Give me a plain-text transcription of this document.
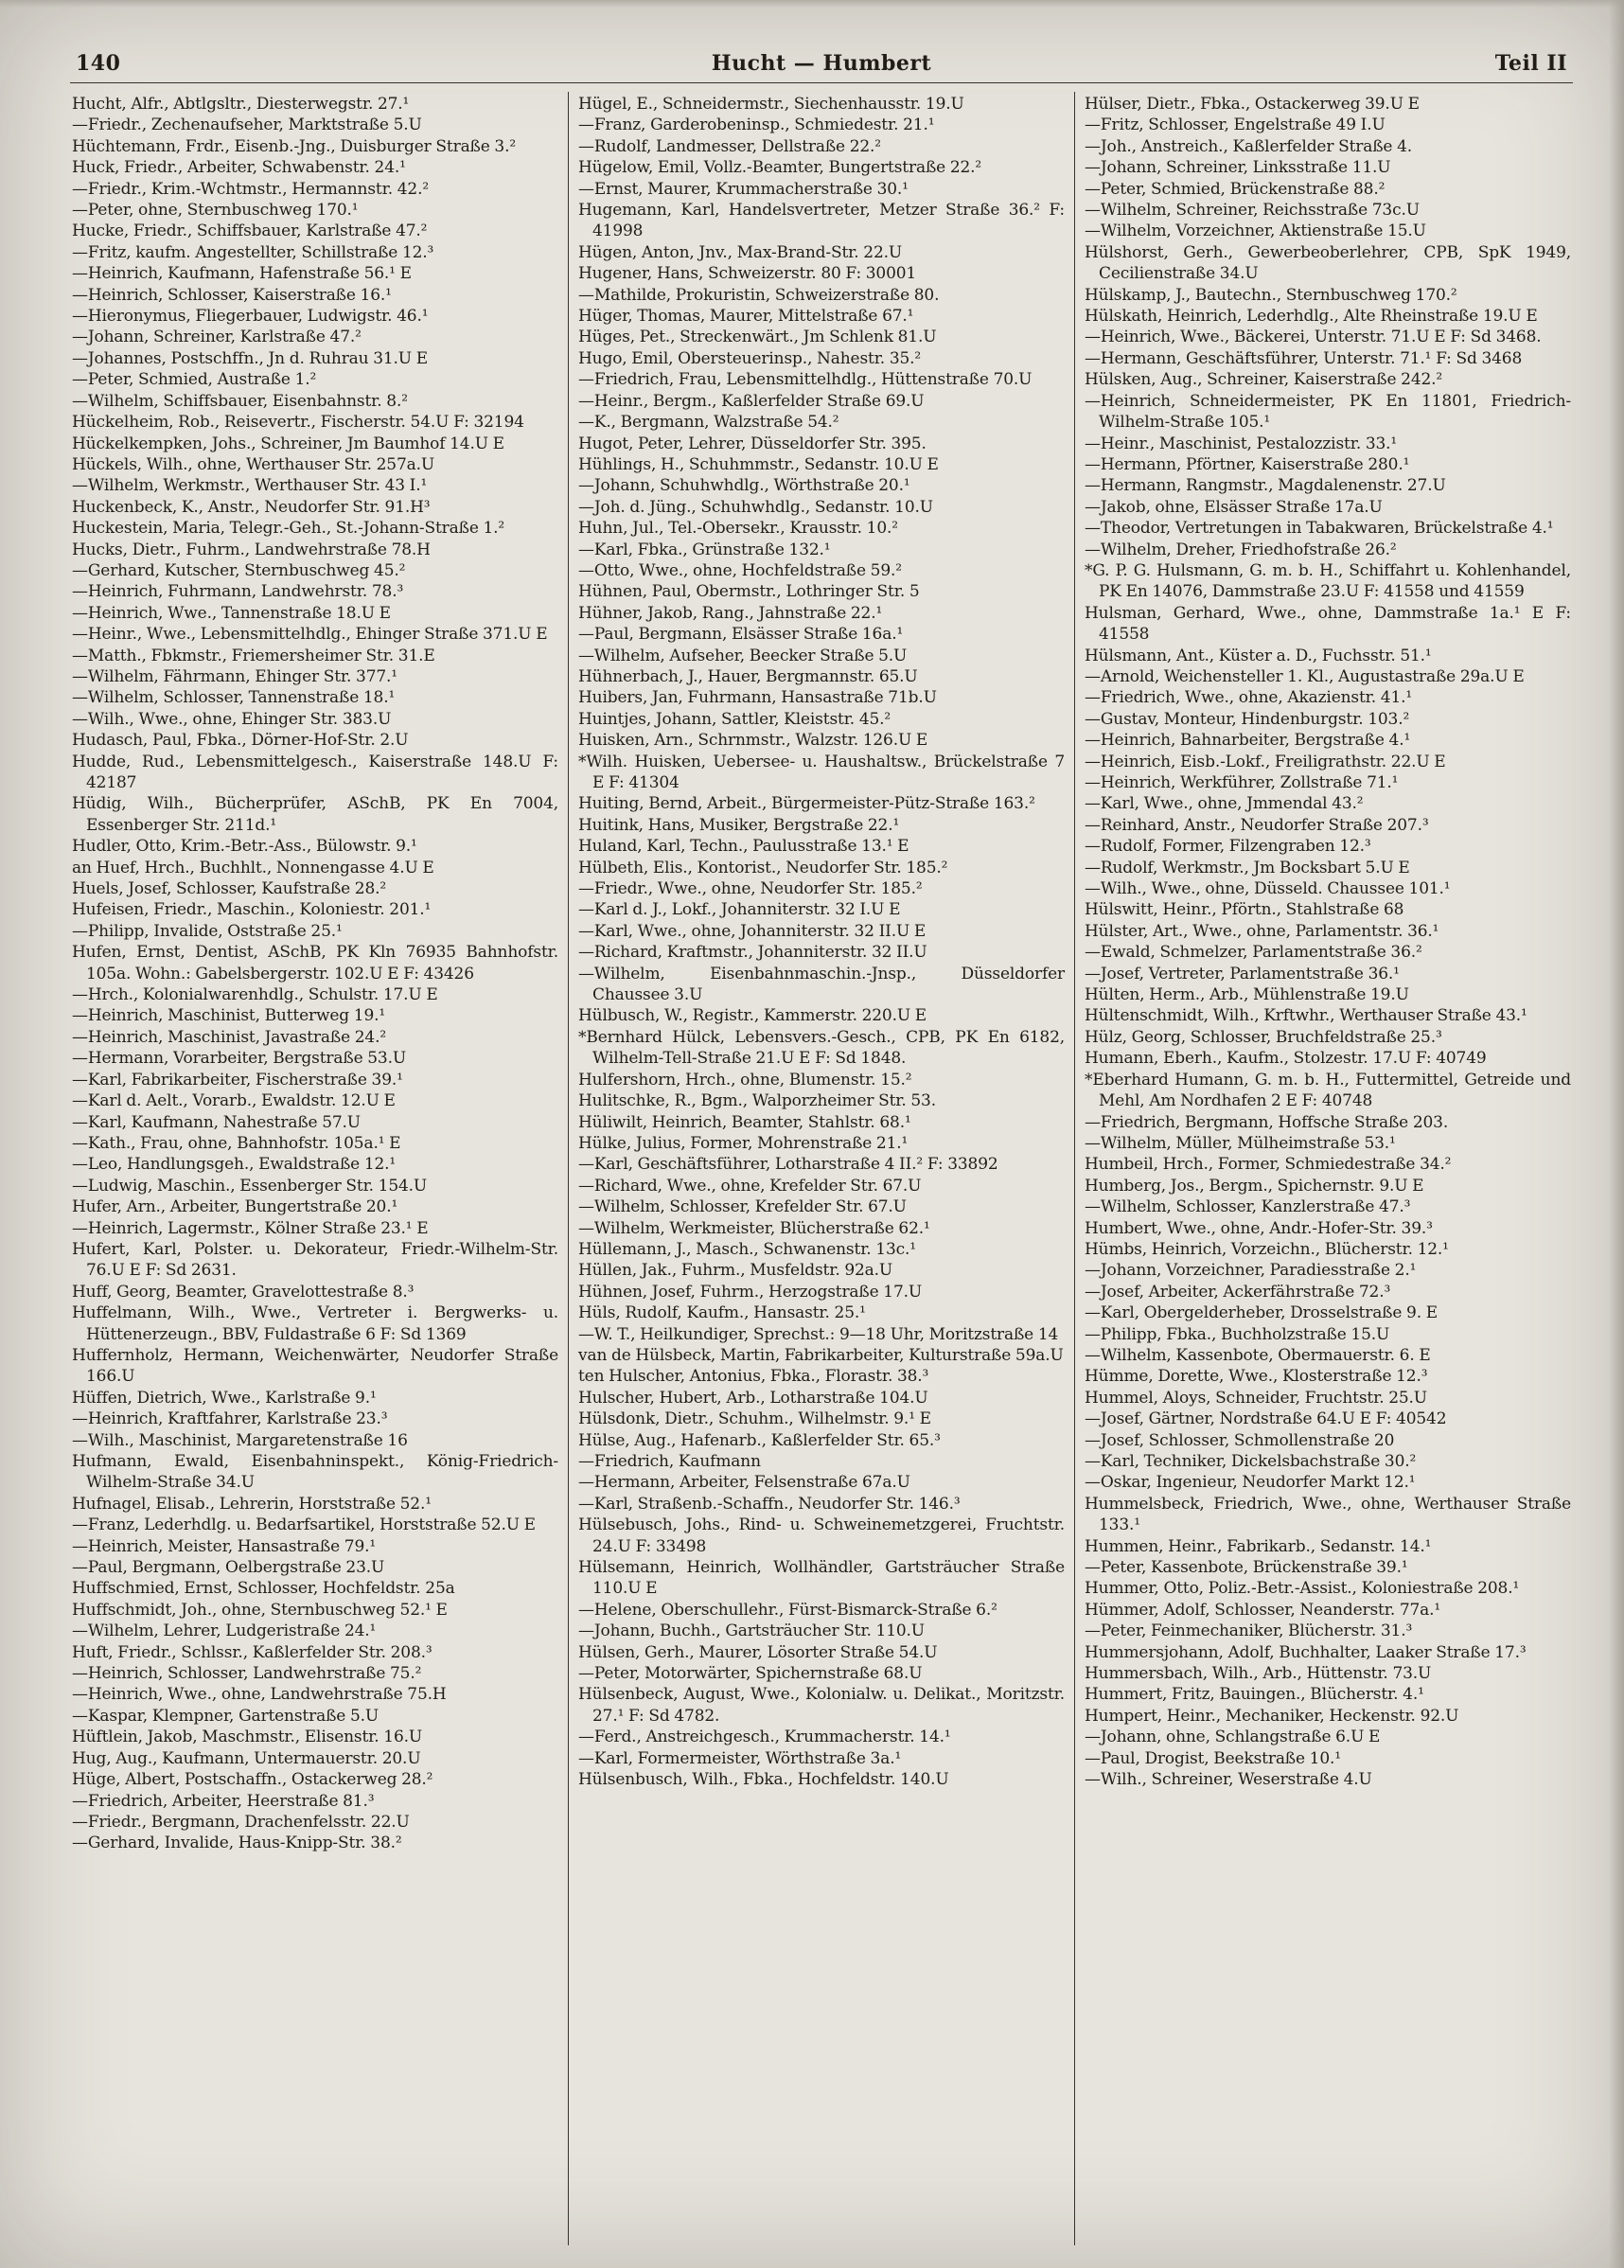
140	Hucht — Humbert	Teil II

Hucht, Alfr., Abtlgsltr., Diesterwegstr. 27.¹

—Friedr., Zechenaufseher, Marktstraße 5.U

Hüchtemann, Frdr., Eisenb.-Jng., Duisburger Straße 3.²

Huck, Friedr., Arbeiter, Schwabenstr. 24.¹

—Friedr., Krim.-Wchtmstr., Hermannstr. 42.²

—Peter, ohne, Sternbuschweg 170.¹

Hucke, Friedr., Schiffsbauer, Karlstraße 47.²

—Fritz, kaufm. Angestellter, Schillstraße 12.³

—Heinrich, Kaufmann, Hafenstraße 56.¹ E

—Heinrich, Schlosser, Kaiserstraße 16.¹

—Hieronymus, Fliegerbauer, Ludwigstr. 46.¹

—Johann, Schreiner, Karlstraße 47.²

—Johannes, Postschffn., Jn d. Ruhrau 31.U E

—Peter, Schmied, Austraße 1.²

—Wilhelm, Schiffsbauer, Eisenbahnstr. 8.²

Hückelheim, Rob., Reisevertr., Fischerstr. 54.U F: 32194

Hückelkempken, Johs., Schreiner, Jm Baumhof 14.U E

Hückels, Wilh., ohne, Werthauser Str. 257a.U

—Wilhelm, Werkmstr., Werthauser Str. 43 I.¹

Huckenbeck, K., Anstr., Neudorfer Str. 91.H³

Huckestein, Maria, Telegr.-Geh., St.-Johann-Straße 1.²

Hucks, Dietr., Fuhrm., Landwehrstraße 78.H

—Gerhard, Kutscher, Sternbuschweg 45.²

—Heinrich, Fuhrmann, Landwehrstr. 78.³

—Heinrich, Wwe., Tannenstraße 18.U E

—Heinr., Wwe., Lebensmittelhdlg., Ehinger Straße 371.U E

—Matth., Fbkmstr., Friemersheimer Str. 31.E

—Wilhelm, Fährmann, Ehinger Str. 377.¹

—Wilhelm, Schlosser, Tannenstraße 18.¹

—Wilh., Wwe., ohne, Ehinger Str. 383.U

Hudasch, Paul, Fbka., Dörner-Hof-Str. 2.U

Hudde, Rud., Lebensmittelgesch., Kaiserstraße 148.U F: 42187

Hüdig, Wilh., Bücherprüfer, ASchB, PK En 7004, Essenberger Str. 211d.¹

Hudler, Otto, Krim.-Betr.-Ass., Bülowstr. 9.¹

an Huef, Hrch., Buchhlt., Nonnengasse 4.U E

Huels, Josef, Schlosser, Kaufstraße 28.²

Hufeisen, Friedr., Maschin., Koloniestr. 201.¹

—Philipp, Invalide, Oststraße 25.¹

Hufen, Ernst, Dentist, ASchB, PK Kln 76935 Bahnhofstr. 105a. Wohn.: Gabelsbergerstr. 102.U E F: 43426

—Hrch., Kolonialwarenhdlg., Schulstr. 17.U E

—Heinrich, Maschinist, Butterweg 19.¹

—Heinrich, Maschinist, Javastraße 24.²

—Hermann, Vorarbeiter, Bergstraße 53.U

—Karl, Fabrikarbeiter, Fischerstraße 39.¹

—Karl d. Aelt., Vorarb., Ewaldstr. 12.U E

—Karl, Kaufmann, Nahestraße 57.U

—Kath., Frau, ohne, Bahnhofstr. 105a.¹ E

—Leo, Handlungsgeh., Ewaldstraße 12.¹

—Ludwig, Maschin., Essenberger Str. 154.U

Hufer, Arn., Arbeiter, Bungertstraße 20.¹

—Heinrich, Lagermstr., Kölner Straße 23.¹ E

Hufert, Karl, Polster. u. Dekorateur, Friedr.-Wilhelm-Str. 76.U E F: Sd 2631.

Huff, Georg, Beamter, Gravelottestraße 8.³

Huffelmann, Wilh., Wwe., Vertreter i. Bergwerks- u. Hüttenerzeugn., BBV, Fuldastraße 6 F: Sd 1369

Huffernholz, Hermann, Weichenwärter, Neudorfer Straße 166.U

Hüffen, Dietrich, Wwe., Karlstraße 9.¹

—Heinrich, Kraftfahrer, Karlstraße 23.³

—Wilh., Maschinist, Margaretenstraße 16

Hufmann, Ewald, Eisenbahninspekt., König-Friedrich-Wilhelm-Straße 34.U

Hufnagel, Elisab., Lehrerin, Horststraße 52.¹

—Franz, Lederhdlg. u. Bedarfsartikel, Horststraße 52.U E

—Heinrich, Meister, Hansastraße 79.¹

—Paul, Bergmann, Oelbergstraße 23.U

Huffschmied, Ernst, Schlosser, Hochfeldstr. 25a

Huffschmidt, Joh., ohne, Sternbuschweg 52.¹ E

—Wilhelm, Lehrer, Ludgeristraße 24.¹

Huft, Friedr., Schlssr., Kaßlerfelder Str. 208.³

—Heinrich, Schlosser, Landwehrstraße 75.²

—Heinrich, Wwe., ohne, Landwehrstraße 75.H

—Kaspar, Klempner, Gartenstraße 5.U

Hüftlein, Jakob, Maschmstr., Elisenstr. 16.U

Hug, Aug., Kaufmann, Untermauerstr. 20.U

Hüge, Albert, Postschaffn., Ostackerweg 28.²

—Friedrich, Arbeiter, Heerstraße 81.³

—Friedr., Bergmann, Drachenfelsstr. 22.U

—Gerhard, Invalide, Haus-Knipp-Str. 38.²

Hügel, E., Schneidermstr., Siechenhausstr. 19.U

—Franz, Garderobeninsp., Schmiedestr. 21.¹

—Rudolf, Landmesser, Dellstraße 22.²

Hügelow, Emil, Vollz.-Beamter, Bungertstraße 22.²

—Ernst, Maurer, Krummacherstraße 30.¹

Hugemann, Karl, Handelsvertreter, Metzer Straße 36.² F: 41998

Hügen, Anton, Jnv., Max-Brand-Str. 22.U

Hugener, Hans, Schweizerstr. 80 F: 30001

—Mathilde, Prokuristin, Schweizerstraße 80.

Hüger, Thomas, Maurer, Mittelstraße 67.¹

Hüges, Pet., Streckenwärt., Jm Schlenk 81.U

Hugo, Emil, Obersteuerinsp., Nahestr. 35.²

—Friedrich, Frau, Lebensmittelhdlg., Hüttenstraße 70.U

—Heinr., Bergm., Kaßlerfelder Straße 69.U

—K., Bergmann, Walzstraße 54.²

Hugot, Peter, Lehrer, Düsseldorfer Str. 395.

Hühlings, H., Schuhmmstr., Sedanstr. 10.U E

—Johann, Schuhwhdlg., Wörthstraße 20.¹

—Joh. d. Jüng., Schuhwhdlg., Sedanstr. 10.U

Huhn, Jul., Tel.-Obersekr., Krausstr. 10.²

—Karl, Fbka., Grünstraße 132.¹

—Otto, Wwe., ohne, Hochfeldstraße 59.²

Hühnen, Paul, Obermstr., Lothringer Str. 5

Hühner, Jakob, Rang., Jahnstraße 22.¹

—Paul, Bergmann, Elsässer Straße 16a.¹

—Wilhelm, Aufseher, Beecker Straße 5.U

Hühnerbach, J., Hauer, Bergmannstr. 65.U

Huibers, Jan, Fuhrmann, Hansastraße 71b.U

Huintjes, Johann, Sattler, Kleiststr. 45.²

Huisken, Arn., Schrnmstr., Walzstr. 126.U E

*Wilh. Huisken, Uebersee- u. Haushaltsw., Brückelstraße 7 E F: 41304

Huiting, Bernd, Arbeit., Bürgermeister-Pütz-Straße 163.²

Huitink, Hans, Musiker, Bergstraße 22.¹

Huland, Karl, Techn., Paulusstraße 13.¹ E

Hülbeth, Elis., Kontorist., Neudorfer Str. 185.²

—Friedr., Wwe., ohne, Neudorfer Str. 185.²

—Karl d. J., Lokf., Johanniterstr. 32 I.U E

—Karl, Wwe., ohne, Johanniterstr. 32 II.U E

—Richard, Kraftmstr., Johanniterstr. 32 II.U

—Wilhelm, Eisenbahnmaschin.-Jnsp., Düsseldorfer Chaussee 3.U

Hülbusch, W., Registr., Kammerstr. 220.U E

*Bernhard Hülck, Lebensvers.-Gesch., CPB, PK En 6182, Wilhelm-Tell-Straße 21.U E F: Sd 1848.

Hulfershorn, Hrch., ohne, Blumenstr. 15.²

Hulitschke, R., Bgm., Walporzheimer Str. 53.

Hüliwilt, Heinrich, Beamter, Stahlstr. 68.¹

Hülke, Julius, Former, Mohrenstraße 21.¹

—Karl, Geschäftsführer, Lotharstraße 4 II.² F: 33892

—Richard, Wwe., ohne, Krefelder Str. 67.U

—Wilhelm, Schlosser, Krefelder Str. 67.U

—Wilhelm, Werkmeister, Blücherstraße 62.¹

Hüllemann, J., Masch., Schwanenstr. 13c.¹

Hüllen, Jak., Fuhrm., Musfeldstr. 92a.U

Hühnen, Josef, Fuhrm., Herzogstraße 17.U

Hüls, Rudolf, Kaufm., Hansastr. 25.¹

—W. T., Heilkundiger, Sprechst.: 9—18 Uhr, Moritzstraße 14

van de Hülsbeck, Martin, Fabrikarbeiter, Kulturstraße 59a.U

ten Hulscher, Antonius, Fbka., Florastr. 38.³

Hulscher, Hubert, Arb., Lotharstraße 104.U

Hülsdonk, Dietr., Schuhm., Wilhelmstr. 9.¹ E

Hülse, Aug., Hafenarb., Kaßlerfelder Str. 65.³

—Friedrich, Kaufmann

—Hermann, Arbeiter, Felsenstraße 67a.U

—Karl, Straßenb.-Schaffn., Neudorfer Str. 146.³

Hülsebusch, Johs., Rind- u. Schweinemetzgerei, Fruchtstr. 24.U F: 33498

Hülsemann, Heinrich, Wollhändler, Gartsträucher Straße 110.U E

—Helene, Oberschullehr., Fürst-Bismarck-Straße 6.²

—Johann, Buchh., Gartsträucher Str. 110.U

Hülsen, Gerh., Maurer, Lösorter Straße 54.U

—Peter, Motorwärter, Spichernstraße 68.U

Hülsenbeck, August, Wwe., Kolonialw. u. Delikat., Moritzstr. 27.¹ F: Sd 4782.

—Ferd., Anstreichgesch., Krummacherstr. 14.¹

—Karl, Formermeister, Wörthstraße 3a.¹

Hülsenbusch, Wilh., Fbka., Hochfeldstr. 140.U

Hülser, Dietr., Fbka., Ostackerweg 39.U E

—Fritz, Schlosser, Engelstraße 49 I.U

—Joh., Anstreich., Kaßlerfelder Straße 4.

—Johann, Schreiner, Linksstraße 11.U

—Peter, Schmied, Brückenstraße 88.²

—Wilhelm, Schreiner, Reichsstraße 73c.U

—Wilhelm, Vorzeichner, Aktienstraße 15.U

Hülshorst, Gerh., Gewerbeoberlehrer, CPB, SpK 1949, Cecilienstraße 34.U

Hülskamp, J., Bautechn., Sternbuschweg 170.²

Hülskath, Heinrich, Lederhdlg., Alte Rheinstraße 19.U E

—Heinrich, Wwe., Bäckerei, Unterstr. 71.U E F: Sd 3468.

—Hermann, Geschäftsführer, Unterstr. 71.¹ F: Sd 3468

Hülsken, Aug., Schreiner, Kaiserstraße 242.²

—Heinrich, Schneidermeister, PK En 11801, Friedrich-Wilhelm-Straße 105.¹

—Heinr., Maschinist, Pestalozzistr. 33.¹

—Hermann, Pförtner, Kaiserstraße 280.¹

—Hermann, Rangmstr., Magdalenenstr. 27.U

—Jakob, ohne, Elsässer Straße 17a.U

—Theodor, Vertretungen in Tabakwaren, Brückelstraße 4.¹

—Wilhelm, Dreher, Friedhofstraße 26.²

*G. P. G. Hulsmann, G. m. b. H., Schiffahrt u. Kohlenhandel, PK En 14076, Dammstraße 23.U F: 41558 und 41559

Hulsman, Gerhard, Wwe., ohne, Dammstraße 1a.¹ E F: 41558

Hülsmann, Ant., Küster a. D., Fuchsstr. 51.¹

—Arnold, Weichensteller 1. Kl., Augustastraße 29a.U E

—Friedrich, Wwe., ohne, Akazienstr. 41.¹

—Gustav, Monteur, Hindenburgstr. 103.²

—Heinrich, Bahnarbeiter, Bergstraße 4.¹

—Heinrich, Eisb.-Lokf., Freiligrathstr. 22.U E

—Heinrich, Werkführer, Zollstraße 71.¹

—Karl, Wwe., ohne, Jmmendal 43.²

—Reinhard, Anstr., Neudorfer Straße 207.³

—Rudolf, Former, Filzengraben 12.³

—Rudolf, Werkmstr., Jm Bocksbart 5.U E

—Wilh., Wwe., ohne, Düsseld. Chaussee 101.¹

Hülswitt, Heinr., Pförtn., Stahlstraße 68

Hülster, Art., Wwe., ohne, Parlamentstr. 36.¹

—Ewald, Schmelzer, Parlamentstraße 36.²

—Josef, Vertreter, Parlamentstraße 36.¹

Hülten, Herm., Arb., Mühlenstraße 19.U

Hültenschmidt, Wilh., Krftwhr., Werthauser Straße 43.¹

Hülz, Georg, Schlosser, Bruchfeldstraße 25.³

Humann, Eberh., Kaufm., Stolzestr. 17.U F: 40749

*Eberhard Humann, G. m. b. H., Futtermittel, Getreide und Mehl, Am Nordhafen 2 E F: 40748

—Friedrich, Bergmann, Hoffsche Straße 203.

—Wilhelm, Müller, Mülheimstraße 53.¹

Humbeil, Hrch., Former, Schmiedestraße 34.²

Humberg, Jos., Bergm., Spichernstr. 9.U E

—Wilhelm, Schlosser, Kanzlerstraße 47.³

Humbert, Wwe., ohne, Andr.-Hofer-Str. 39.³

Hümbs, Heinrich, Vorzeichn., Blücherstr. 12.¹

—Johann, Vorzeichner, Paradiesstraße 2.¹

—Josef, Arbeiter, Ackerfährstraße 72.³

—Karl, Obergelderheber, Drosselstraße 9. E

—Philipp, Fbka., Buchholzstraße 15.U

—Wilhelm, Kassenbote, Obermauerstr. 6. E

Hümme, Dorette, Wwe., Klosterstraße 12.³

Hummel, Aloys, Schneider, Fruchtstr. 25.U

—Josef, Gärtner, Nordstraße 64.U E F: 40542

—Josef, Schlosser, Schmollenstraße 20

—Karl, Techniker, Dickelsbachstraße 30.²

—Oskar, Ingenieur, Neudorfer Markt 12.¹

Hummelsbeck, Friedrich, Wwe., ohne, Werthauser Straße 133.¹

Hummen, Heinr., Fabrikarb., Sedanstr. 14.¹

—Peter, Kassenbote, Brückenstraße 39.¹

Hummer, Otto, Poliz.-Betr.-Assist., Koloniestraße 208.¹

Hümmer, Adolf, Schlosser, Neanderstr. 77a.¹

—Peter, Feinmechaniker, Blücherstr. 31.³

Hummersjohann, Adolf, Buchhalter, Laaker Straße 17.³

Hummersbach, Wilh., Arb., Hüttenstr. 73.U

Hummert, Fritz, Bauingen., Blücherstr. 4.¹

Humpert, Heinr., Mechaniker, Heckenstr. 92.U

—Johann, ohne, Schlangstraße 6.U E

—Paul, Drogist, Beekstraße 10.¹

—Wilh., Schreiner, Weserstraße 4.U
